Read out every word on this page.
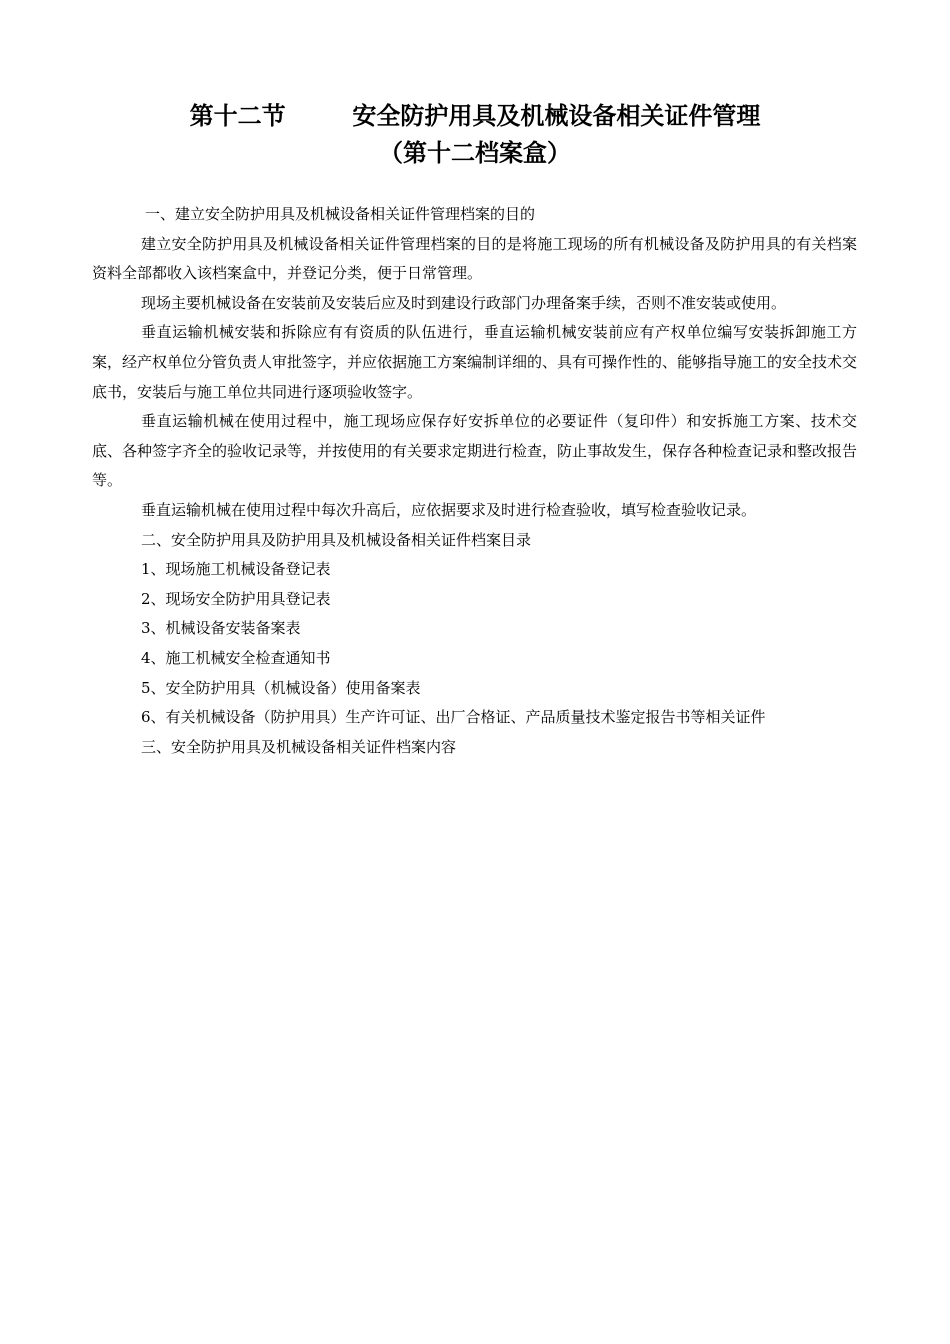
第十二节        安全防护用具及机械设备相关证件管理
（第十二档案盒）

一、建立安全防护用具及机械设备相关证件管理档案的目的

建立安全防护用具及机械设备相关证件管理档案的目的是将施工现场的所有机械设备及防护用具的有关档案资料全部都收入该档案盒中，并登记分类，便于日常管理。

现场主要机械设备在安装前及安装后应及时到建设行政部门办理备案手续，否则不准安装或使用。

垂直运输机械安装和拆除应有有资质的队伍进行，垂直运输机械安装前应有产权单位编写安装拆卸施工方案，经产权单位分管负责人审批签字，并应依据施工方案编制详细的、具有可操作性的、能够指导施工的安全技术交底书，安装后与施工单位共同进行逐项验收签字。

垂直运输机械在使用过程中，施工现场应保存好安拆单位的必要证件（复印件）和安拆施工方案、技术交底、各种签字齐全的验收记录等，并按使用的有关要求定期进行检查，防止事故发生，保存各种检查记录和整改报告等。

垂直运输机械在使用过程中每次升高后，应依据要求及时进行检查验收，填写检查验收记录。

二、安全防护用具及防护用具及机械设备相关证件档案目录

1、现场施工机械设备登记表

2、现场安全防护用具登记表

3、机械设备安装备案表

4、施工机械安全检查通知书

5、安全防护用具（机械设备）使用备案表

6、有关机械设备（防护用具）生产许可证、出厂合格证、产品质量技术鉴定报告书等相关证件

三、安全防护用具及机械设备相关证件档案内容
